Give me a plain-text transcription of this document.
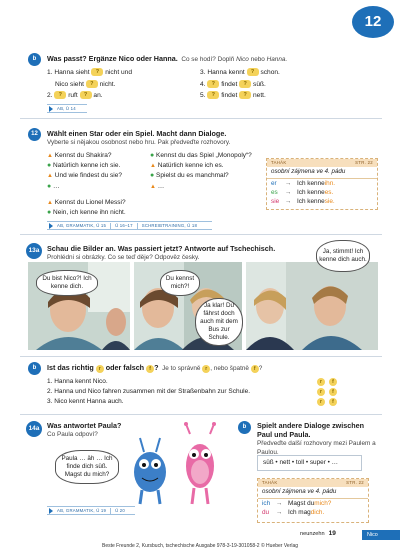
12
b	Was passt? Ergänze Nico oder Hanna. Co se hodí? Doplň Nico nebo Hanna.
1. Hanna sieht ? nicht und
Nico sieht ? nicht.
2. ? ruft ? an.
3. Hanna kennt ? schon.
4. ? findet ? süß.
5. ? findet ? nett.
AB, Ü 14
12	Wählt einen Star oder ein Spiel. Macht dann Dialoge.
Vyberte si nějakou osobnost nebo hru. Pak předveďte rozhovory.
▲ Kennst du Shakira?
● Natürlich kenne ich sie.
▲ Und wie findest du sie?
● …
▲ Kennst du Lionel Messi?
● Nein, ich kenne ihn nicht.
● Kennst du das Spiel „Monopoly“?
▲ Natürlich kenne ich es.
● Spielst du es manchmal?
▲ …
TAHÁK	STR. 22
osobní zájmena ve 4. pádu
er	→ Ich kenne ihn.
es	→ Ich kenne es.
sie → Ich kenne sie.
AB, GRAMMATIK, Ü 15 Ü 16–17 SCHREIBTRAINING, Ü 18
13a	Schau die Bilder an. Was passiert jetzt? Antworte auf Tschechisch.
Prohlédni si obrázky. Co se teď děje? Odpověz česky.
Du bist Nico?! Ich kenne dich.
Du kennst mich?!
Ja klar! Du fährst doch auch mit dem Bus zur Schule.
Ja, stimmt! Ich kenne dich auch.
b	Ist das richtig r oder falsch f ? Je to správně r , nebo špatně f ?
1. Hanna kennt Nico.	r f
2. Hanna und Nico fahren zusammen mit der Straßenbahn zur Schule.	r f
3. Nico kennt Hanna auch.	r f
14a	Was antwortet Paula?
Co Paula odpoví?
Paula … äh … Ich finde dich süß. Magst du mich?
AB, GRAMMATIK, Ü 19 Ü 20
b	Spielt andere Dialoge zwischen Paul und Paula.
Předveďte další rozhovory mezi Paulem a Paulou.
süß • nett • toll • super • …
TAHÁK	STR. 22
osobní zájmena ve 4. pádu
ich → Magst du mich?
du	→ Ich mag dich.
neunzehn 19	Nico
Beste Freunde 2, Kursbuch, tschechische Ausgabe 978-3-19-301058-2 © Hueber Verlag
